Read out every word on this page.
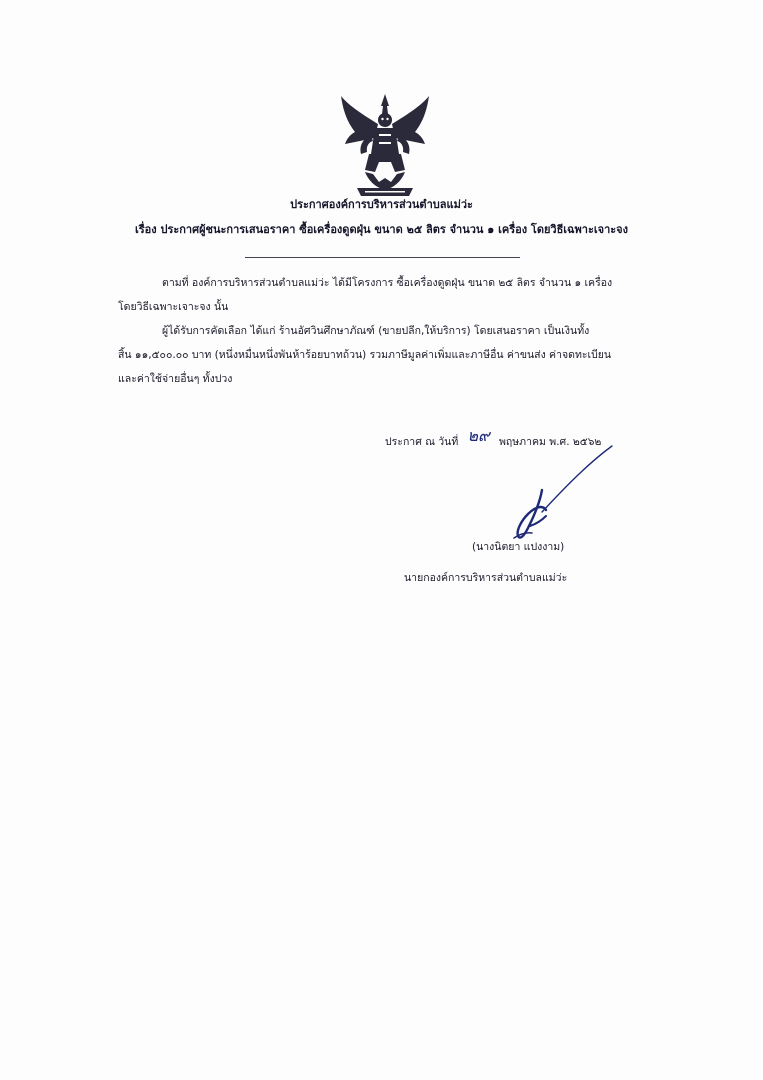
ประกาศองค์การบริหารส่วนตำบลแม่ว่ะ
เรื่อง ประกาศผู้ชนะการเสนอราคา ซื้อเครื่องดูดฝุ่น ขนาด ๒๕ ลิตร จำนวน ๑ เครื่อง โดยวิธีเฉพาะเจาะจง
ตามที่ องค์การบริหารส่วนตำบลแม่ว่ะ ได้มีโครงการ ซื้อเครื่องดูดฝุ่น ขนาด ๒๕ ลิตร จำนวน ๑ เครื่อง
โดยวิธีเฉพาะเจาะจง นั้น
ผู้ได้รับการคัดเลือก ได้แก่ ร้านอัศวินศึกษาภัณฑ์ (ขายปลีก,ให้บริการ) โดยเสนอราคา เป็นเงินทั้ง
สิ้น ๑๑,๕๐๐.๐๐ บาท (หนึ่งหมื่นหนึ่งพันห้าร้อยบาทถ้วน) รวมภาษีมูลค่าเพิ่มและภาษีอื่น ค่าขนส่ง ค่าจดทะเบียน
และค่าใช้จ่ายอื่นๆ ทั้งปวง
ประกาศ ณ วันที่ ๒๙ พฤษภาคม พ.ศ. ๒๕๖๒
(นางนิตยา แปงงาม)
นายกองค์การบริหารส่วนตำบลแม่ว่ะ
